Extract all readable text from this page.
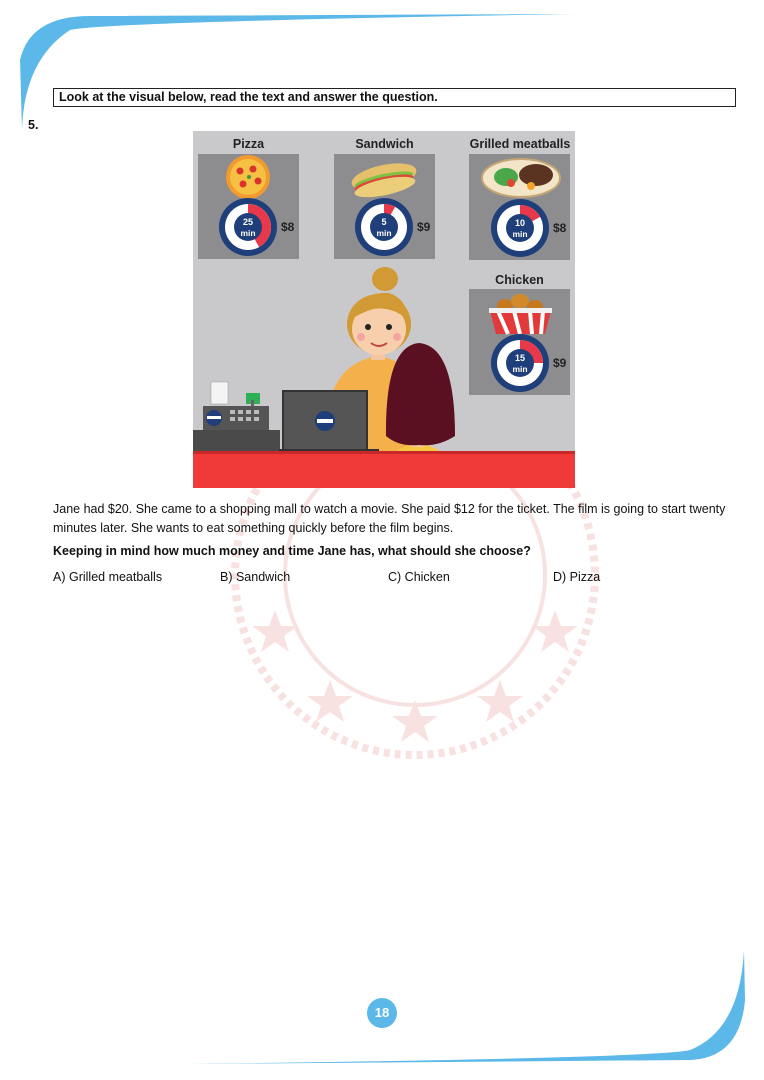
Look at the visual below, read the text and answer the question.
5.
25
min $8	5
min $9	10
min $8
15
min $9
Pizza	Sandwich	Grilled meatballs
Chicken
Jane had $20. She came to a shopping mall to watch a movie. She paid $12 for the ticket. The film is going to start twenty minutes later. She wants to eat something quickly before the film begins.
Keeping in mind how much money and time Jane has, what should she choose?
A) Grilled meatballs	B) Sandwich	C) Chicken	D) Pizza
18
